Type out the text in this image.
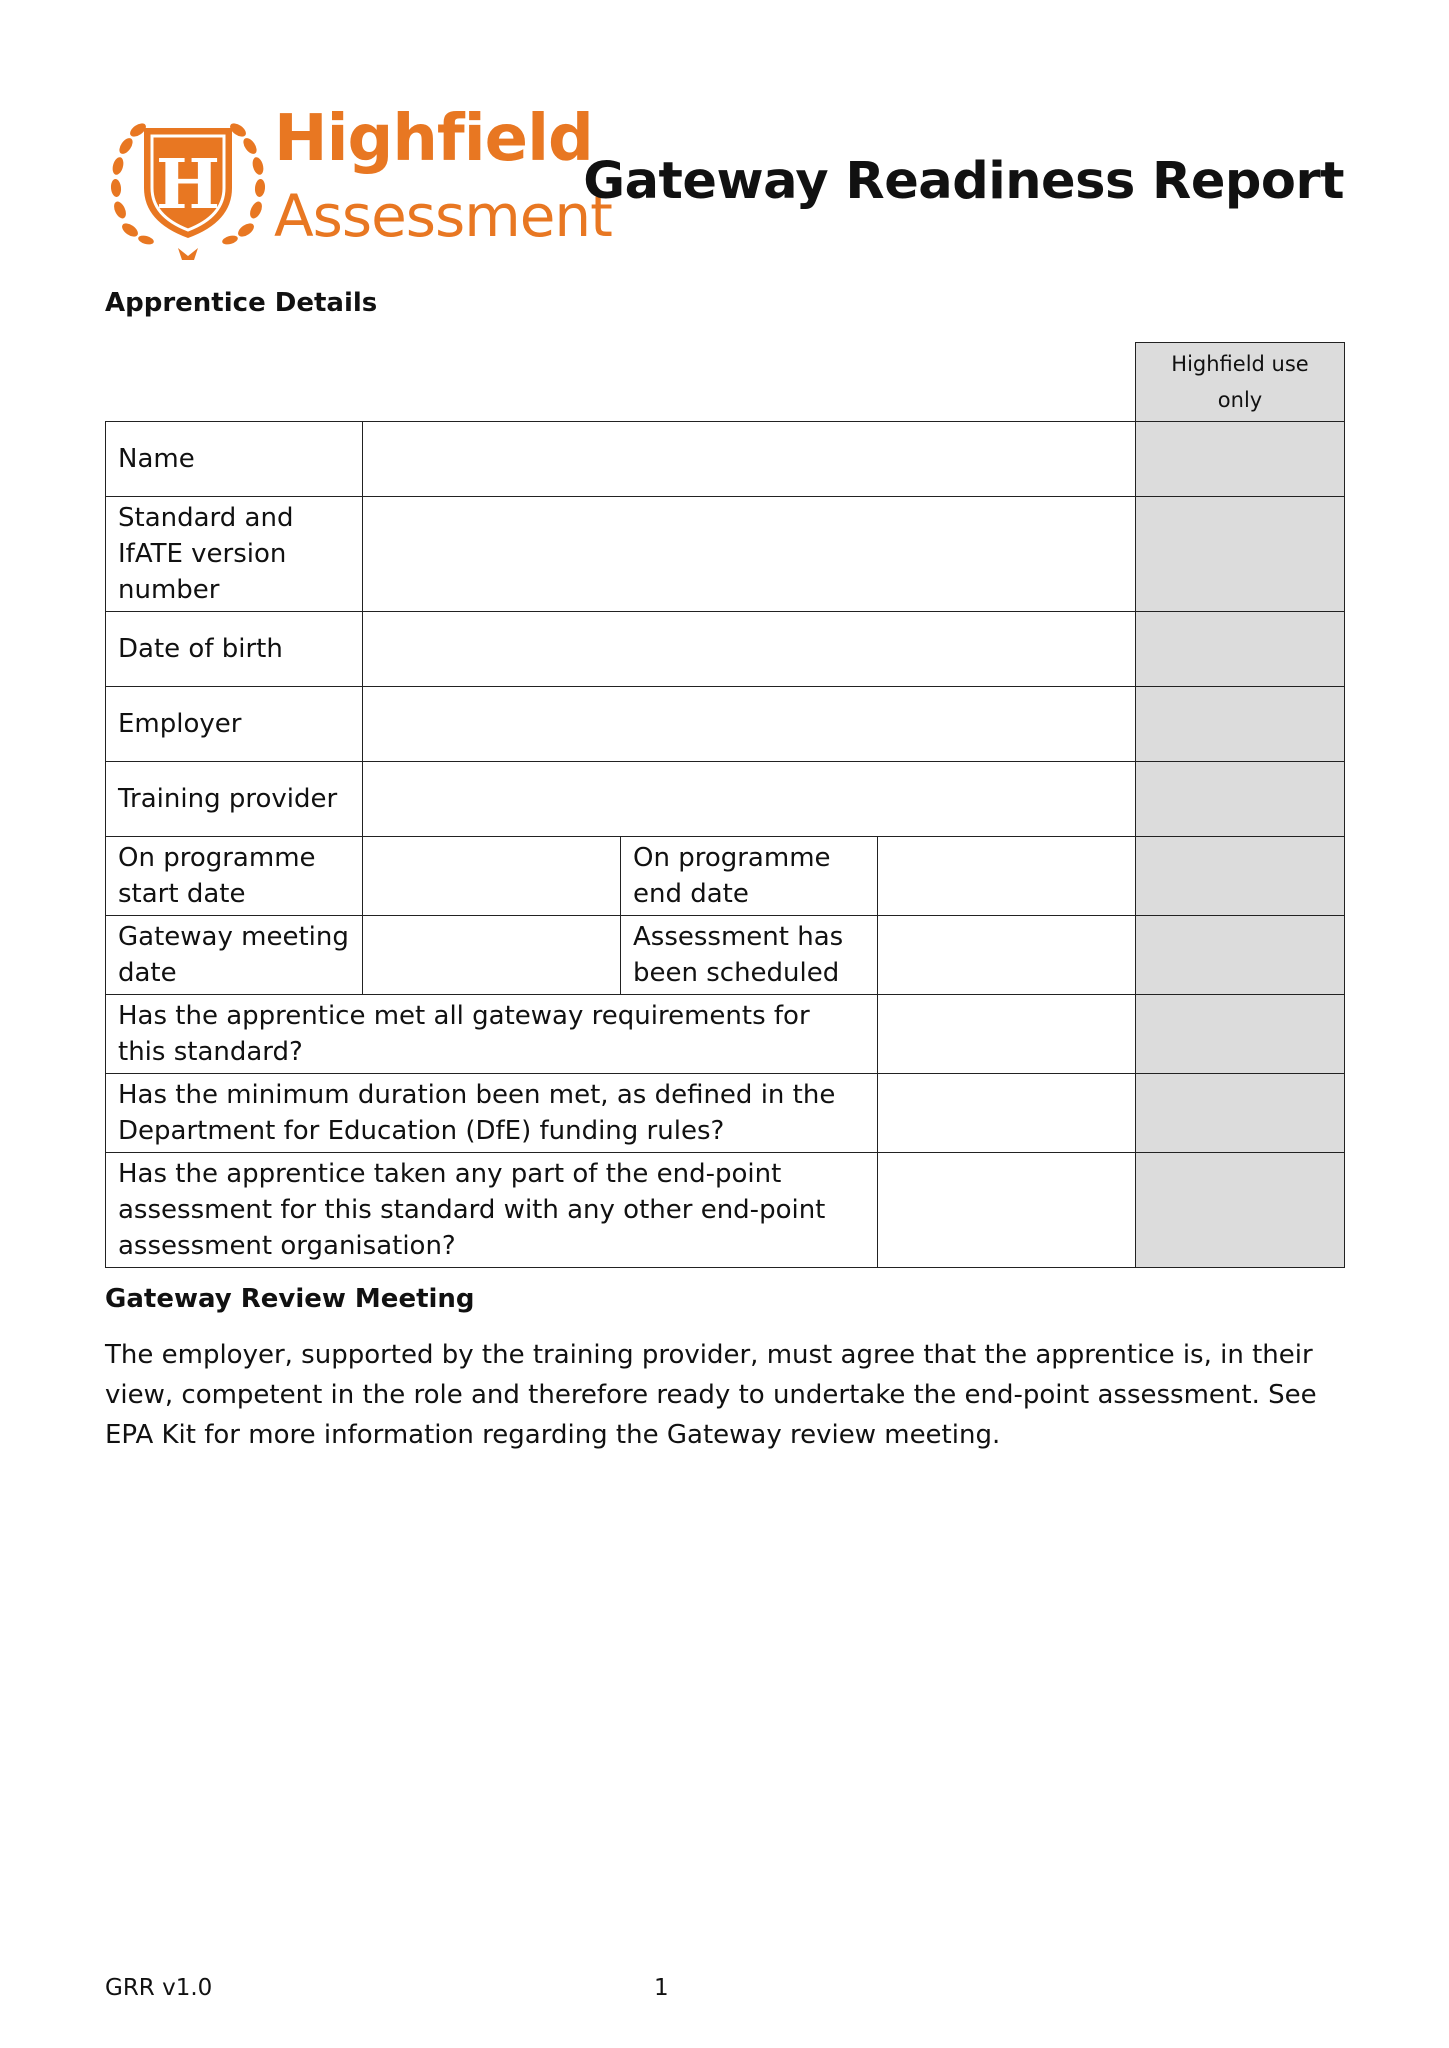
H
Highfield
Assessment
Gateway Readiness Report
Apprentice Details
				Highfield use only
Name				
Standard and IfATE version number				
Date of birth				
Employer				
Training provider				
On programme start date		On programme end date		
Gateway meeting date		Assessment has been scheduled		
Has the apprentice met all gateway requirements for this standard?				
Has the minimum duration been met, as defined in the Department for Education (DfE) funding rules?				
Has the apprentice taken any part of the end-point assessment for this standard with any other end-point assessment organisation?				
Gateway Review Meeting
The employer, supported by the training provider, must agree that the apprentice is, in their view, competent in the role and therefore ready to undertake the end-point assessment. See EPA Kit for more information regarding the Gateway review meeting.
GRR v1.0	1
